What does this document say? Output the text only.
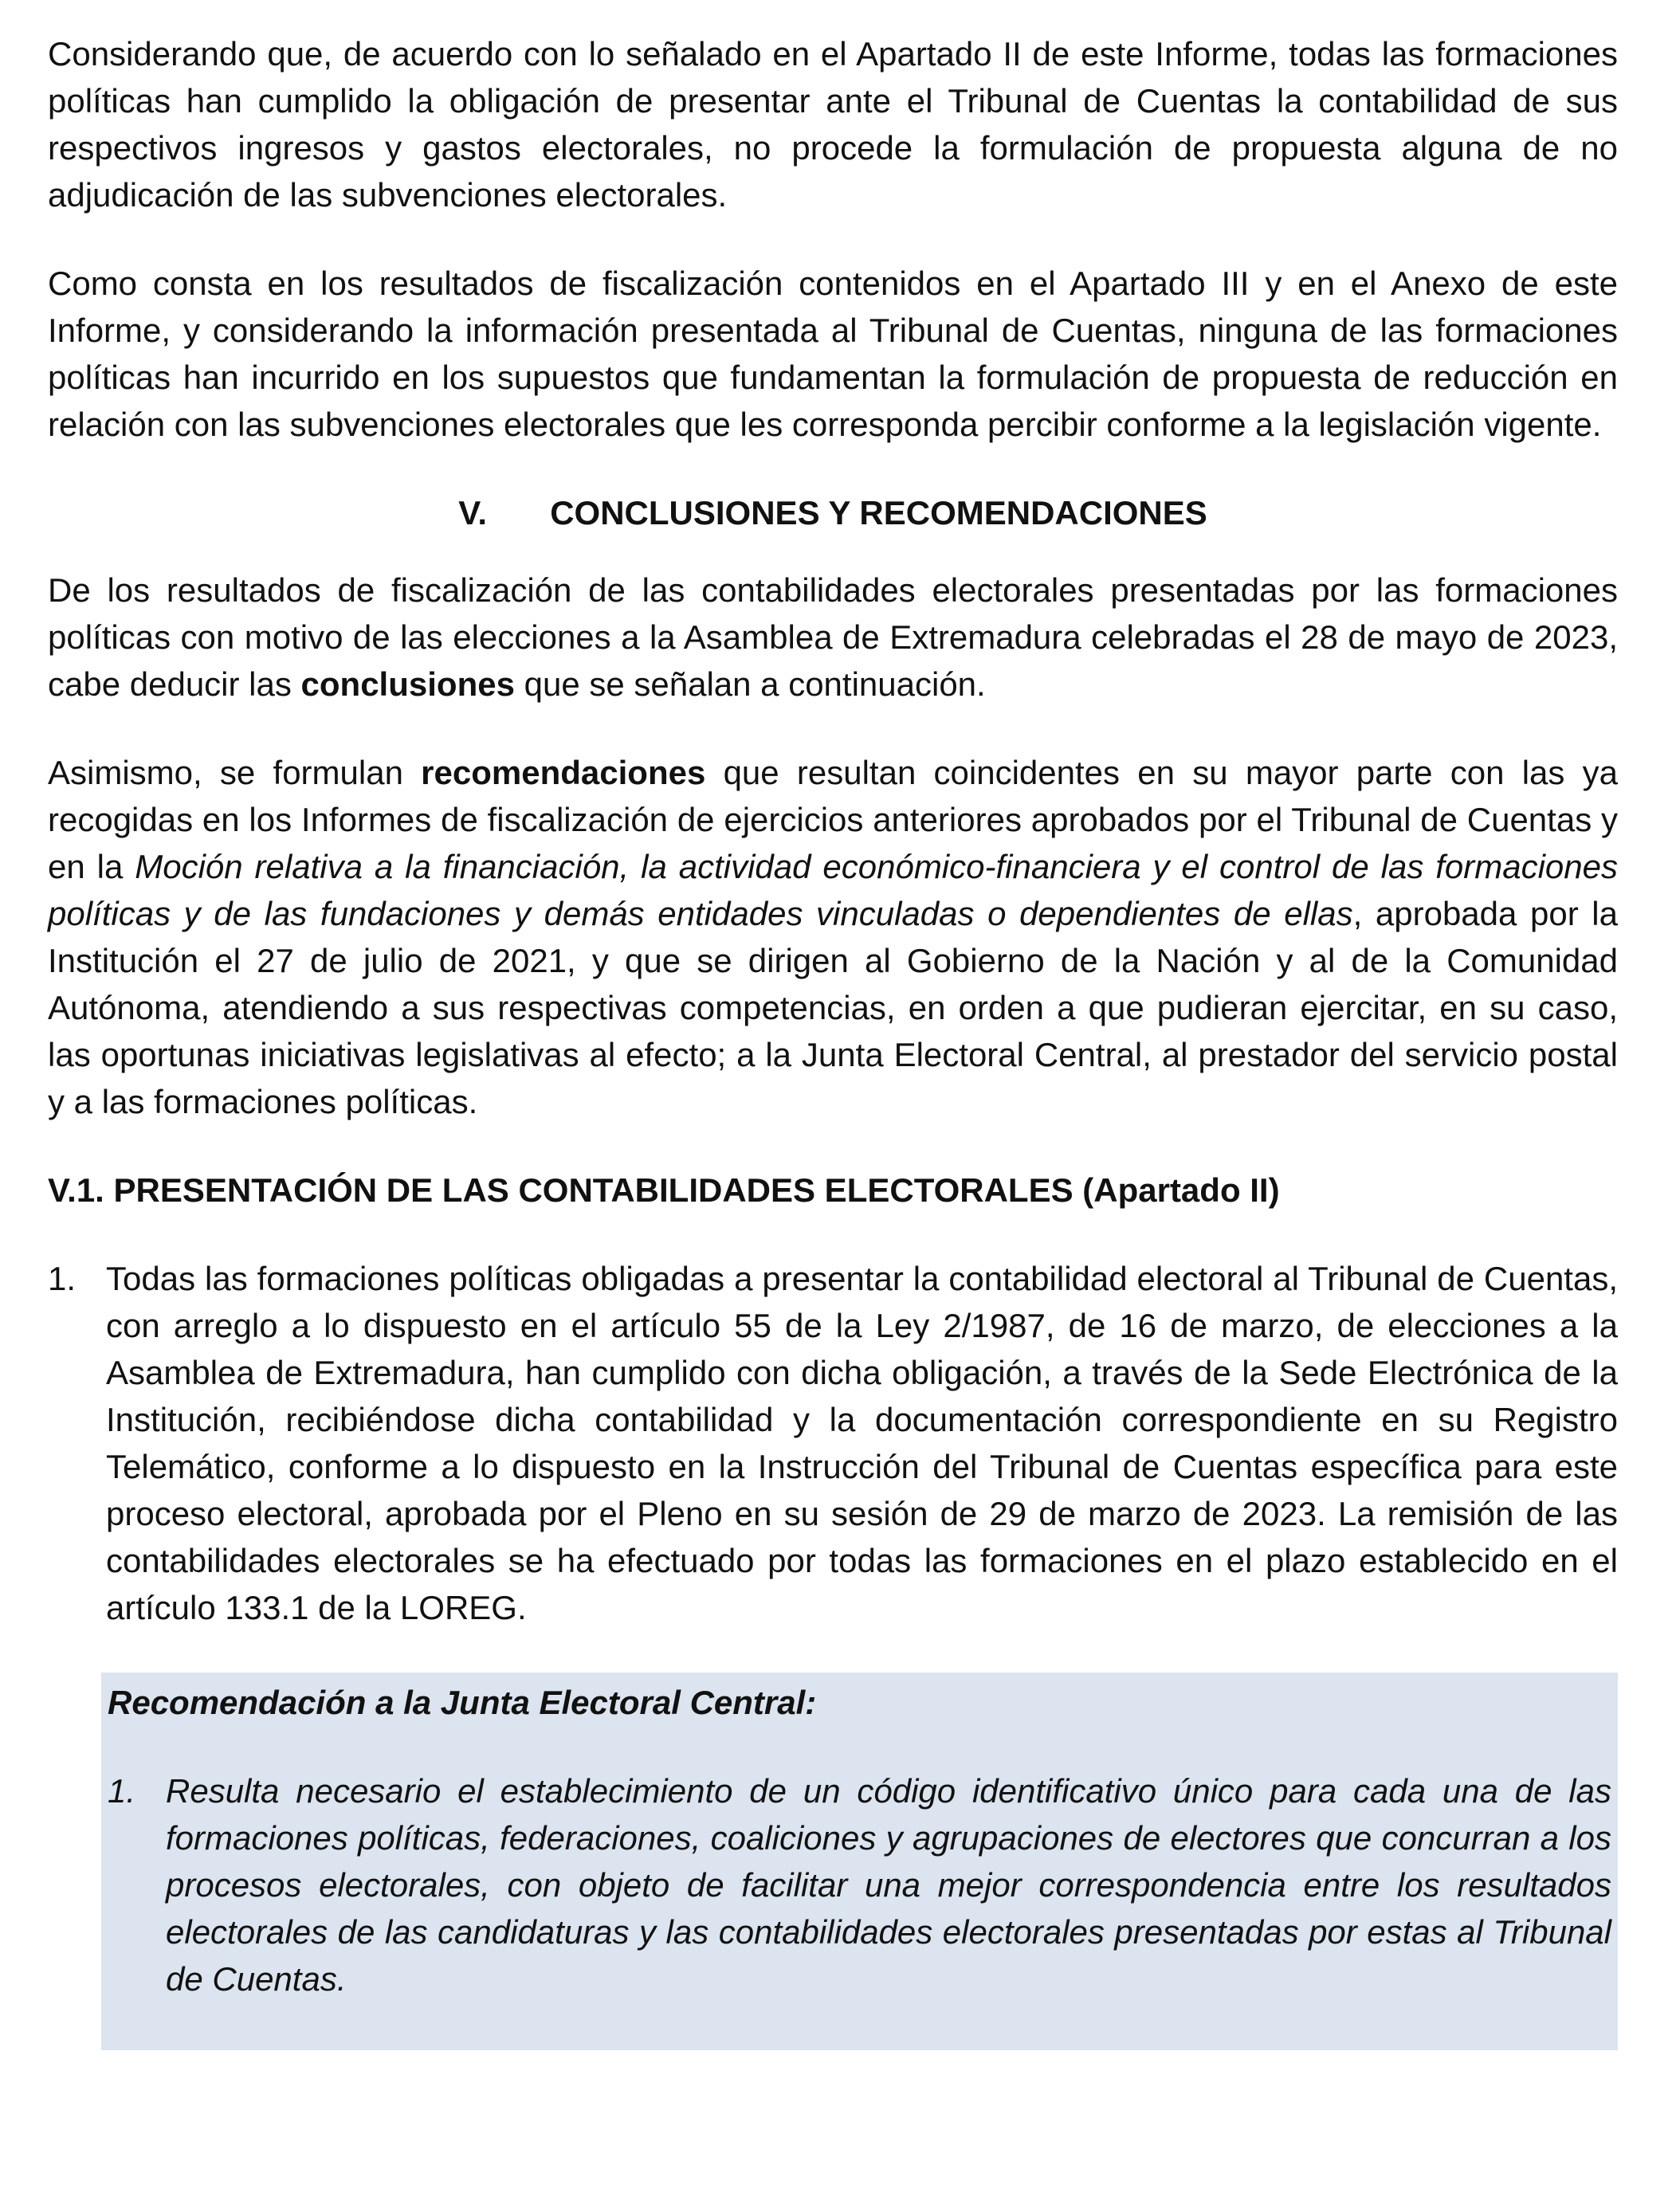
Considerando que, de acuerdo con lo señalado en el Apartado II de este Informe, todas las formaciones políticas han cumplido la obligación de presentar ante el Tribunal de Cuentas la contabilidad de sus respectivos ingresos y gastos electorales, no procede la formulación de propuesta alguna de no adjudicación de las subvenciones electorales.

Como consta en los resultados de fiscalización contenidos en el Apartado III y en el Anexo de este Informe, y considerando la información presentada al Tribunal de Cuentas, ninguna de las formaciones políticas han incurrido en los supuestos que fundamentan la formulación de propuesta de reducción en relación con las subvenciones electorales que les corresponda percibir conforme a la legislación vigente.

V. CONCLUSIONES Y RECOMENDACIONES

De los resultados de fiscalización de las contabilidades electorales presentadas por las formaciones políticas con motivo de las elecciones a la Asamblea de Extremadura celebradas el 28 de mayo de 2023, cabe deducir las conclusiones que se señalan a continuación.

Asimismo, se formulan recomendaciones que resultan coincidentes en su mayor parte con las ya recogidas en los Informes de fiscalización de ejercicios anteriores aprobados por el Tribunal de Cuentas y en la Moción relativa a la financiación, la actividad económico-financiera y el control de las formaciones políticas y de las fundaciones y demás entidades vinculadas o dependientes de ellas, aprobada por la Institución el 27 de julio de 2021, y que se dirigen al Gobierno de la Nación y al de la Comunidad Autónoma, atendiendo a sus respectivas competencias, en orden a que pudieran ejercitar, en su caso, las oportunas iniciativas legislativas al efecto; a la Junta Electoral Central, al prestador del servicio postal y a las formaciones políticas.

V.1. PRESENTACIÓN DE LAS CONTABILIDADES ELECTORALES (Apartado II)
1. Todas las formaciones políticas obligadas a presentar la contabilidad electoral al Tribunal de Cuentas, con arreglo a lo dispuesto en el artículo 55 de la Ley 2/1987, de 16 de marzo, de elecciones a la Asamblea de Extremadura, han cumplido con dicha obligación, a través de la Sede Electrónica de la Institución, recibiéndose dicha contabilidad y la documentación correspondiente en su Registro Telemático, conforme a lo dispuesto en la Instrucción del Tribunal de Cuentas específica para este proceso electoral, aprobada por el Pleno en su sesión de 29 de marzo de 2023. La remisión de las contabilidades electorales se ha efectuado por todas las formaciones en el plazo establecido en el artículo 133.1 de la LOREG.
Recomendación a la Junta Electoral Central:
1. Resulta necesario el establecimiento de un código identificativo único para cada una de las formaciones políticas, federaciones, coaliciones y agrupaciones de electores que concurran a los procesos electorales, con objeto de facilitar una mejor correspondencia entre los resultados electorales de las candidaturas y las contabilidades electorales presentadas por estas al Tribunal de Cuentas.
